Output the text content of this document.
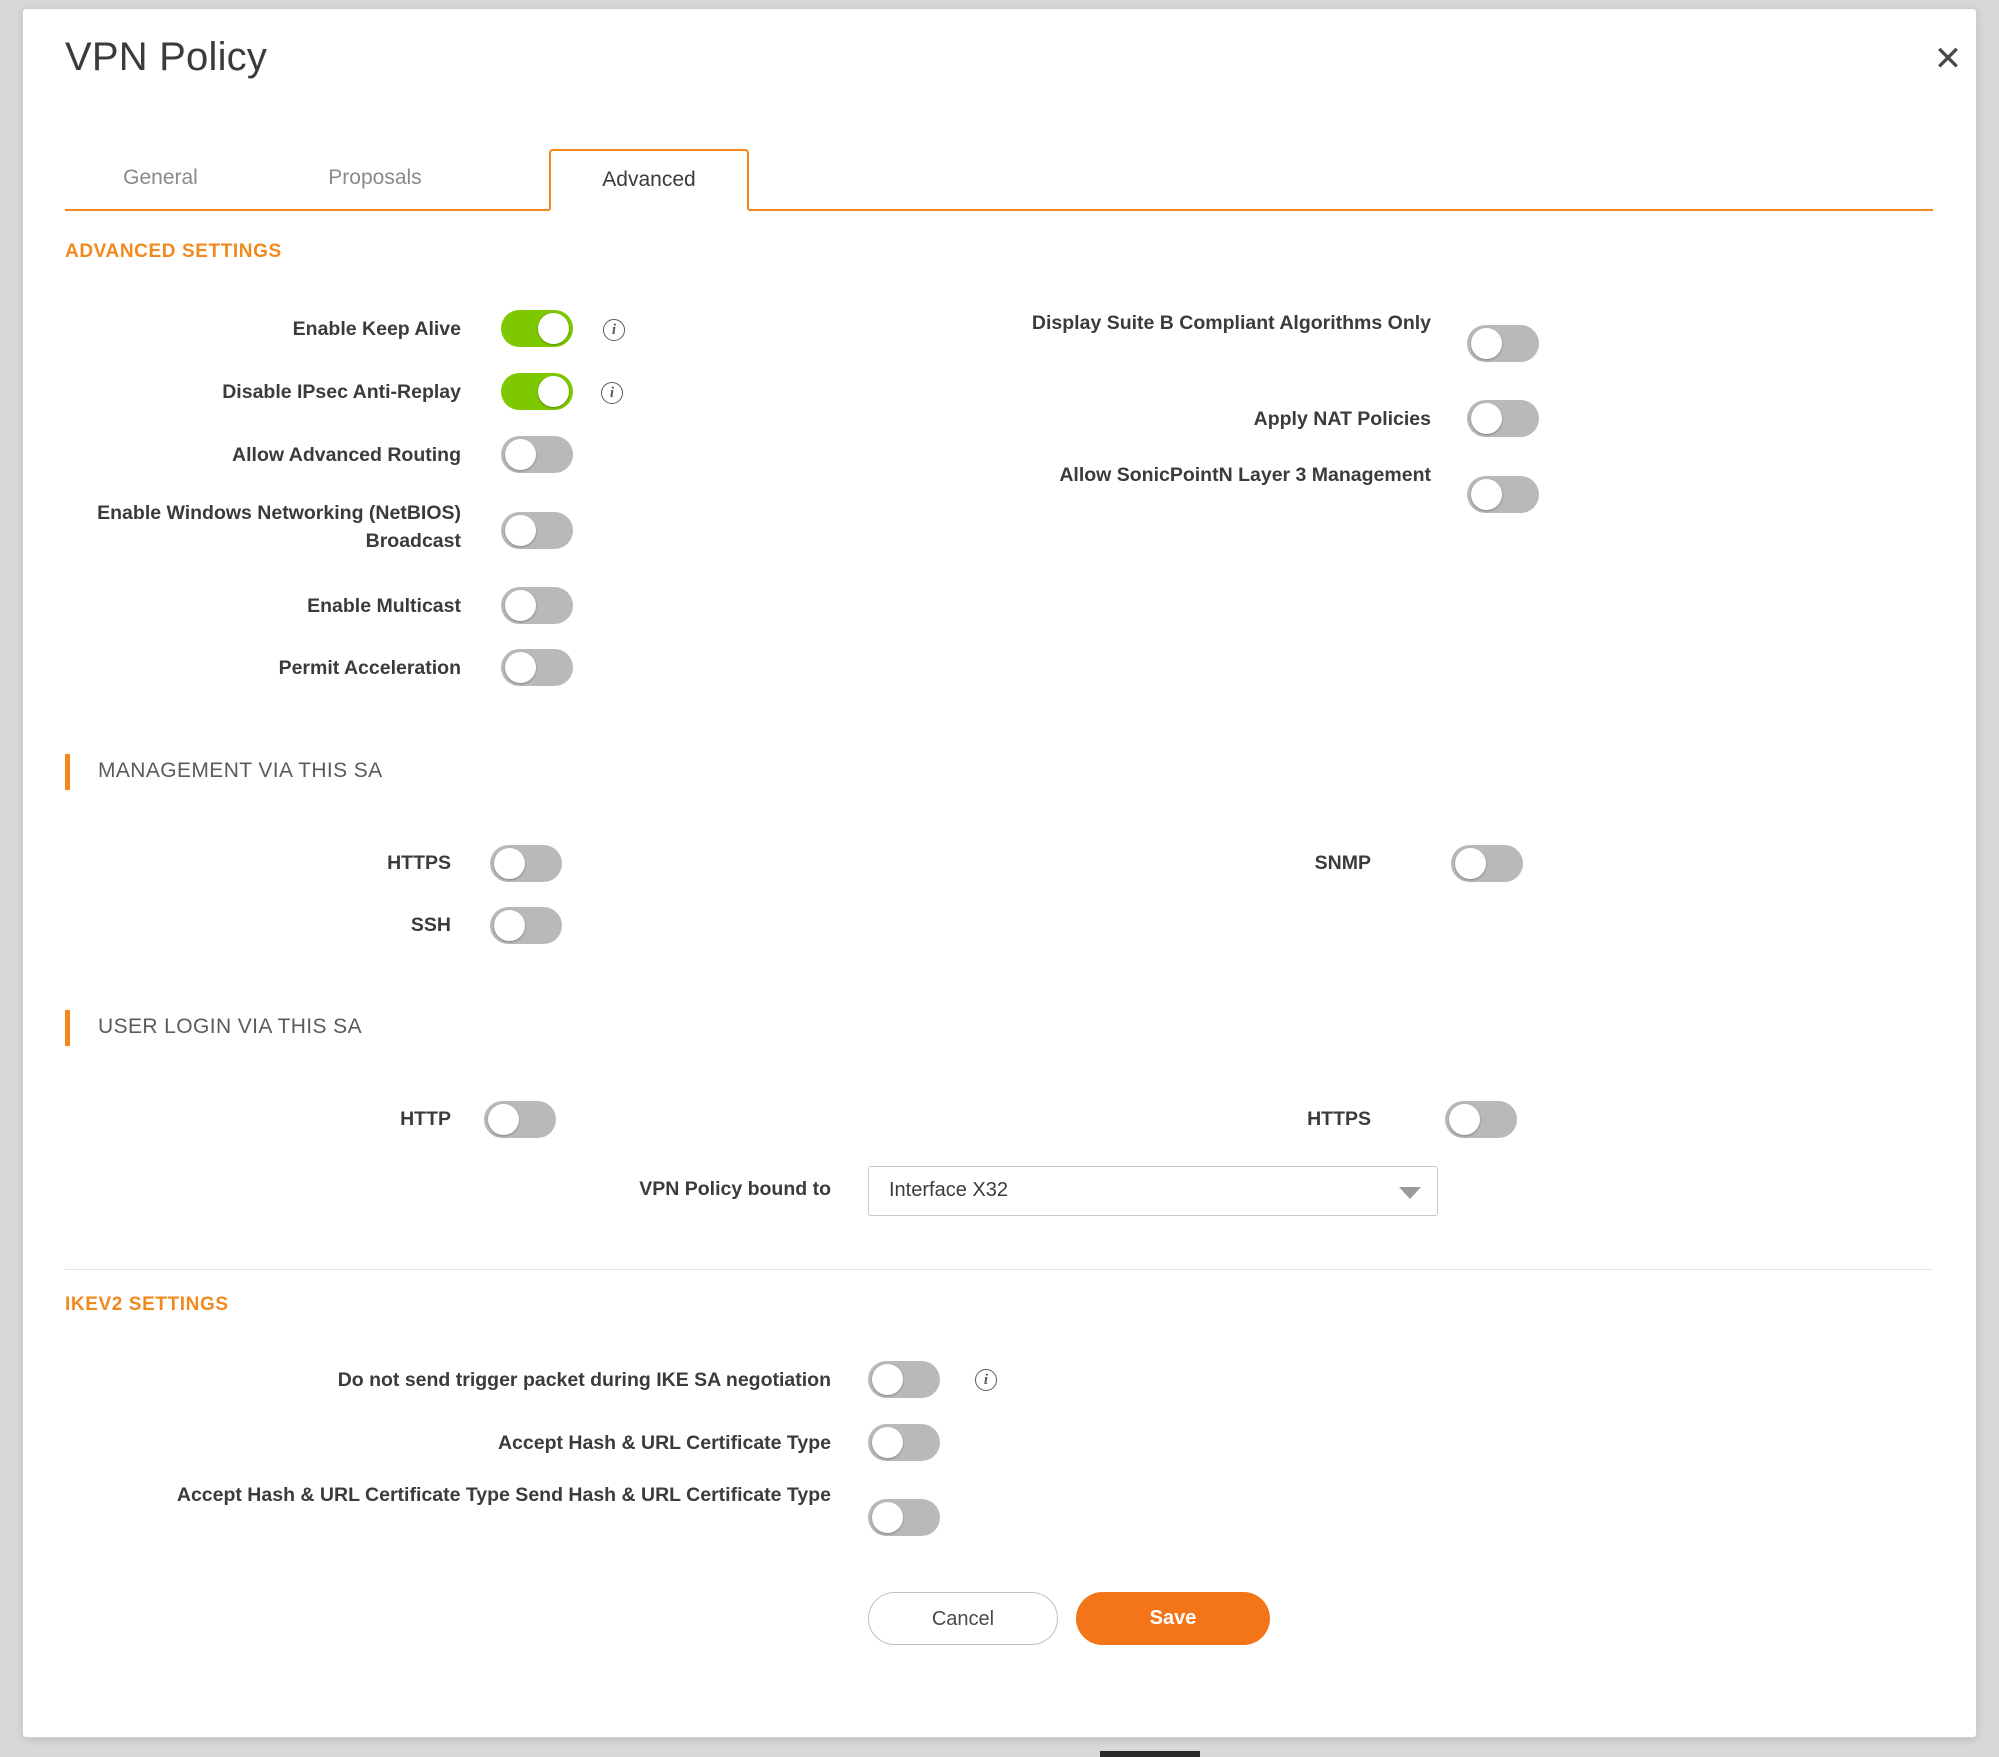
VPN Policy	✕
General	Proposals	Advanced
ADVANCED SETTINGS
Enable Keep Alive	i
Disable IPsec Anti-Replay	i
Allow Advanced Routing
Enable Windows Networking (NetBIOS) Broadcast
Enable Multicast
Permit Acceleration
Display Suite B Compliant Algorithms Only
Apply NAT Policies
Allow SonicPointN Layer 3 Management
MANAGEMENT VIA THIS SA
HTTPS
SSH
SNMP
USER LOGIN VIA THIS SA
HTTP	HTTPS
VPN Policy bound to	Interface X32
IKEV2 SETTINGS
Do not send trigger packet during IKE SA negotiation	i
Accept Hash & URL Certificate Type
Accept Hash & URL Certificate Type Send Hash & URL Certificate Type
Cancel	Save
